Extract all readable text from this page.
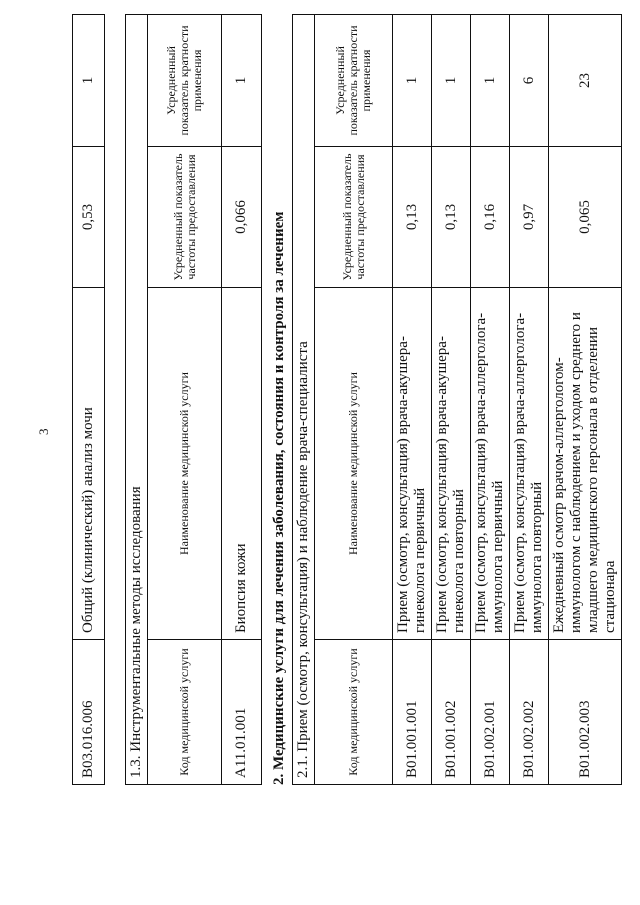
3
B03.016.006	Общий (клинический) анализ мочи	0,53	1
1.3. Инструментальные методы исследования			
Код медицинской услуги	Наименование медицинской услуги	Усредненный показатель частоты предоставления	Усредненный показатель кратности применения
A11.01.001	Биопсия кожи	0,066	1
2. Медицинские услуги для лечения заболевания, состояния и контроля за лечением 2.1. Прием (осмотр, консультация) и наблюдение врача-специалиста			
Код медицинской услуги	Наименование медицинской услуги	Усредненный показатель частоты предоставления	Усредненный показатель кратности применения
B01.001.001	Прием (осмотр, консультация) врача-акушера-гинеколога первичный	0,13	1
B01.001.002	Прием (осмотр, консультация) врача-акушера-гинеколога повторный	0,13	1
B01.002.001	Прием (осмотр, консультация) врача-аллерголога-иммунолога первичный	0,16	1
B01.002.002	Прием (осмотр, консультация) врача-аллерголога-иммунолога повторный	0,97	6
B01.002.003	Ежедневный осмотр врачом-аллергологом-иммунологом с наблюдением и уходом среднего и младшего медицинского персонала в отделении стационара	0,065	23
